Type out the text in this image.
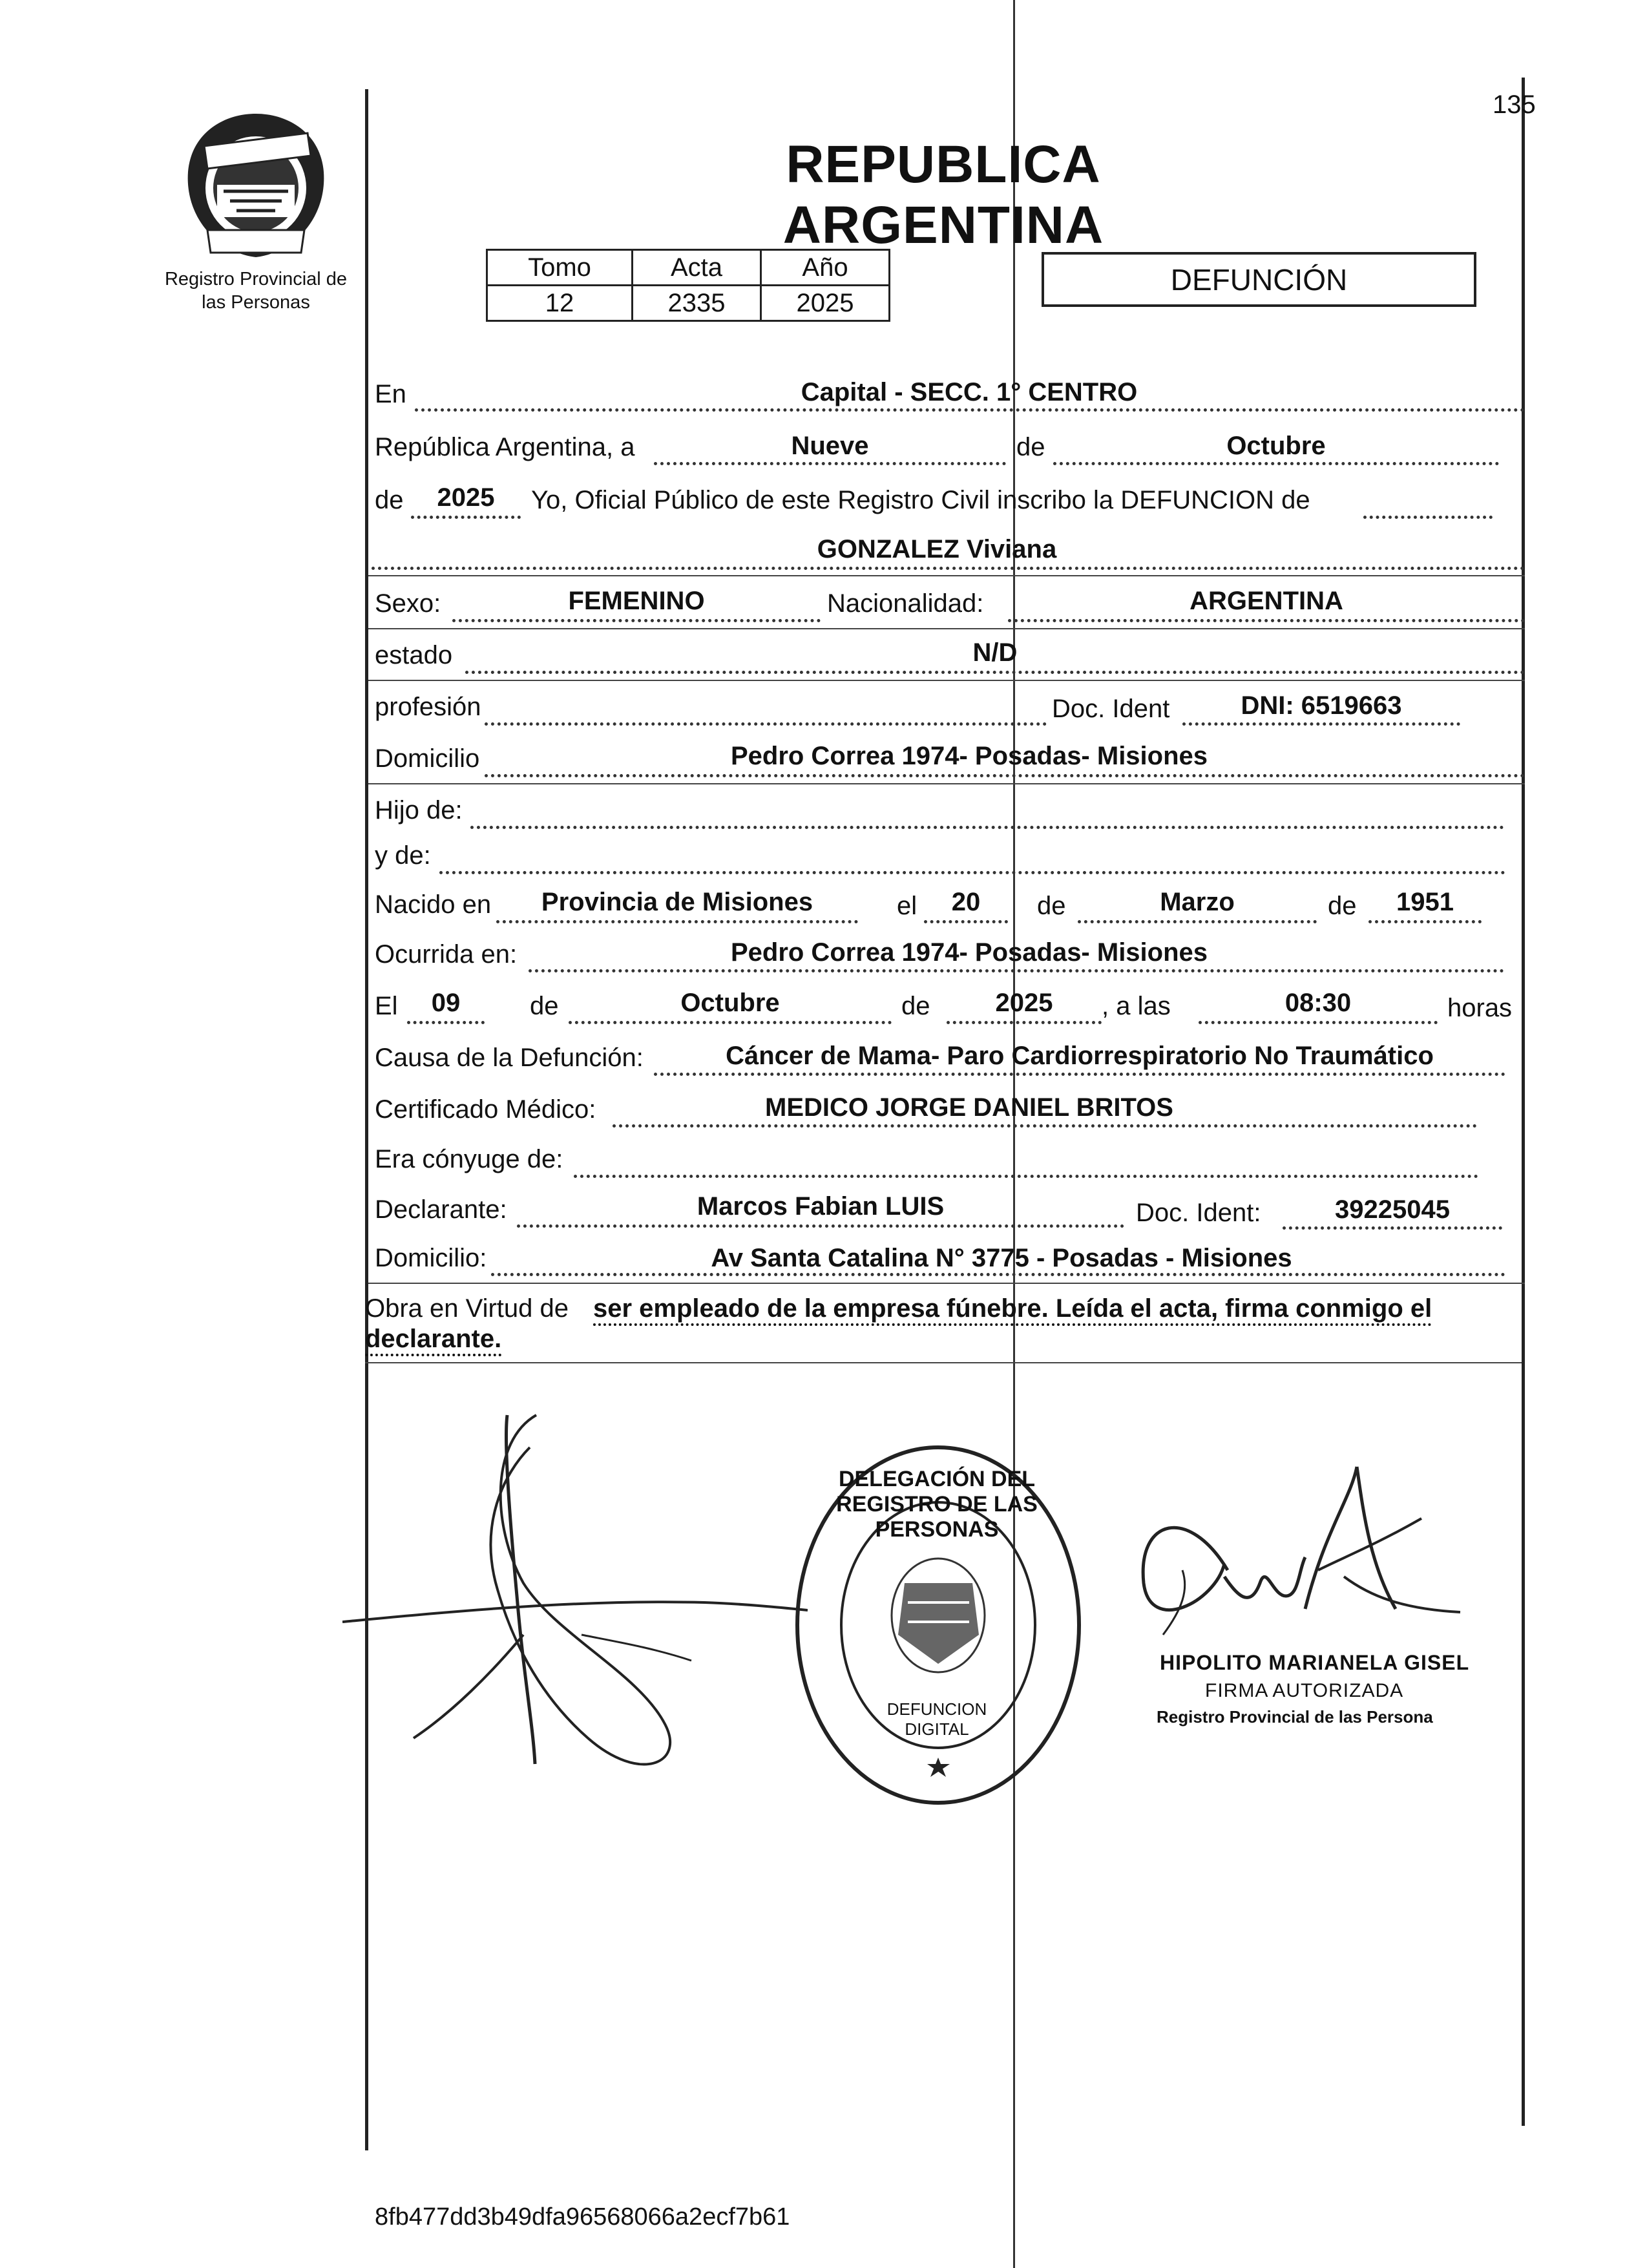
135
Registro Provincial de
las Personas
REPUBLICA ARGENTINA
Tomo	Acta	Año
12	2335	2025
DEFUNCIÓN
En	Capital - SECC. 1° CENTRO
República Argentina, a	Nueve	de	Octubre
de	2025	Yo, Oficial Público de este Registro Civil inscribo la DEFUNCION de
GONZALEZ Viviana
Sexo:	FEMENINO	Nacionalidad:	ARGENTINA
estado	N/D
profesión	Doc. Ident	DNI: 6519663
Domicilio	Pedro Correa 1974- Posadas- Misiones
Hijo de:
y de:
Nacido en	Provincia de Misiones	el	20	de	Marzo	de	1951
Ocurrida en:	Pedro Correa 1974- Posadas- Misiones
El	09	de	Octubre	de	2025	, a las	08:30	horas
Causa de la Defunción:	Cáncer de Mama- Paro Cardiorrespiratorio No Traumático
Certificado Médico:	MEDICO JORGE DANIEL BRITOS
Era cónyuge de:
Declarante:	Marcos Fabian LUIS	Doc. Ident:	39225045
Domicilio:	Av Santa Catalina N° 3775 - Posadas - Misiones
Obra en Virtud de ser empleado de la empresa fúnebre. Leída el acta, firma conmigo el
declarante.
DELEGACIÓN DEL REGISTRO DE LAS PERSONAS
DEFUNCION DIGITAL
HIPOLITO MARIANELA GISEL
FIRMA AUTORIZADA
Registro Provincial de las Persona
8fb477dd3b49dfa96568066a2ecf7b61
